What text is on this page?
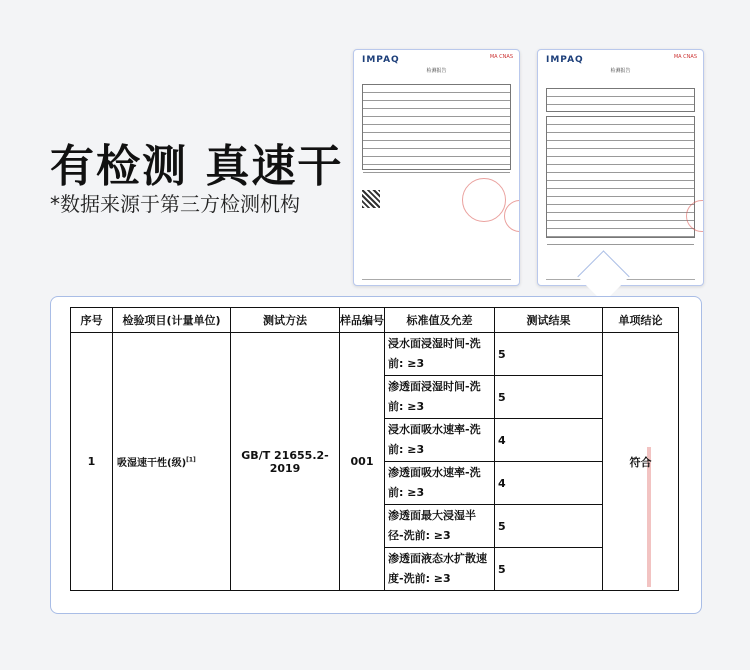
有检测 真速干
*数据来源于第三方检测机构
IMPAQ	MA CNAS
检测报告
IMPAQ	MA CNAS
检测报告
序号	检验项目(计量单位)	测试方法	样品编号	标准值及允差	测试结果	单项结论
1	吸湿速干性(级)[1]	GB/T 21655.2-2019	001	浸水面浸湿时间-洗前: ≥3	5	符合
				渗透面浸湿时间-洗前: ≥3	5	
				浸水面吸水速率-洗前: ≥3	4	
				渗透面吸水速率-洗前: ≥3	4	
				渗透面最大浸湿半径-洗前: ≥3	5	
				渗透面液态水扩散速度-洗前: ≥3	5	
